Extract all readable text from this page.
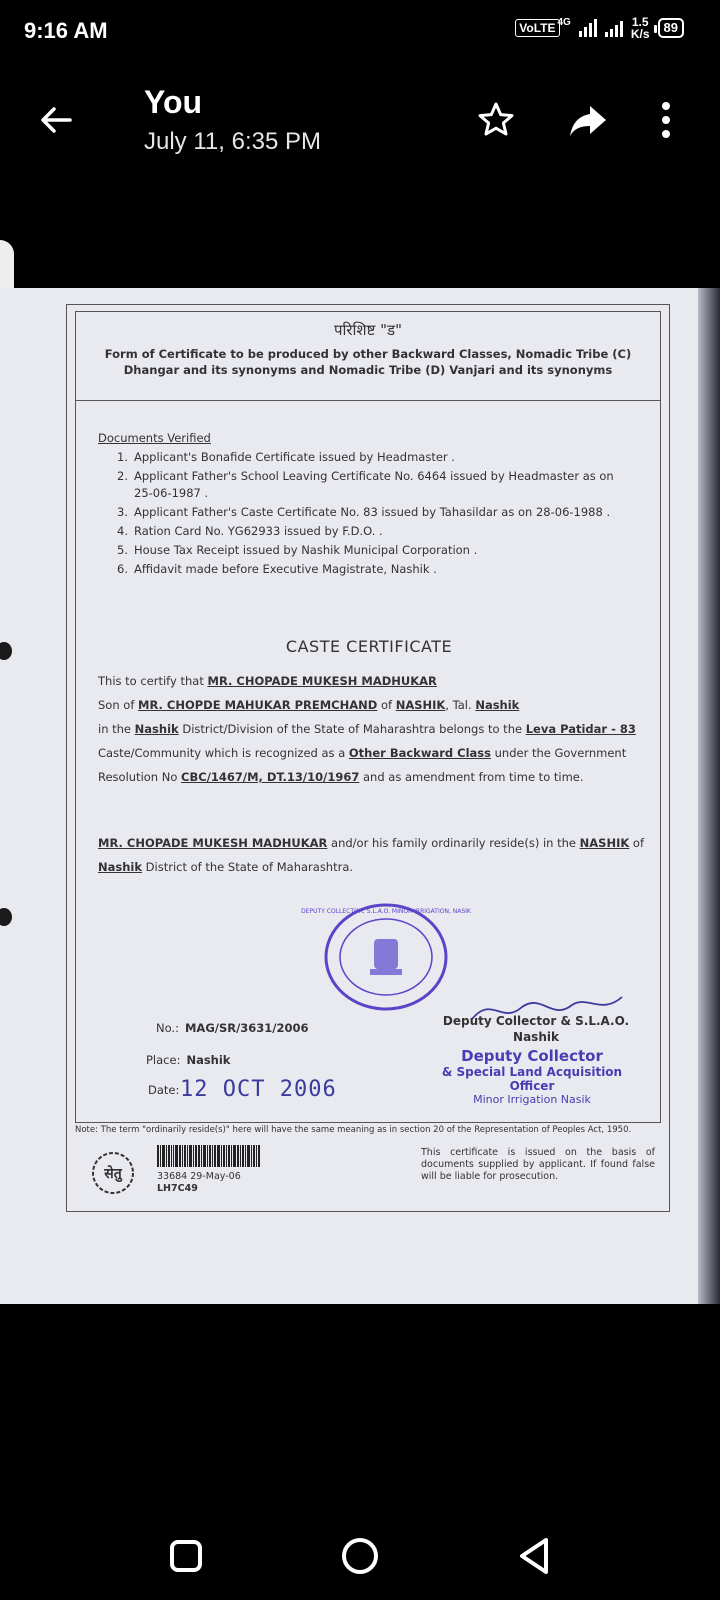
9:16 AM	VoLTE 4G	1.5
K/s	89
You
July 11, 6:35 PM
परिशिष्ट "ड"
Form of Certificate to be produced by other Backward Classes, Nomadic Tribe (C)
Dhangar and its synonyms and Nomadic Tribe (D) Vanjari and its synonyms
Documents Verified
1. Applicant's Bonafide Certificate issued by Headmaster .
2. Applicant Father's School Leaving Certificate No. 6464 issued by Headmaster as on 25-06-1987 .
3. Applicant Father's Caste Certificate No. 83 issued by Tahasildar as on 28-06-1988 .
4. Ration Card No. YG62933 issued by F.D.O. .
5. House Tax Receipt issued by Nashik Municipal Corporation .
6. Affidavit made before Executive Magistrate, Nashik .
CASTE CERTIFICATE
This to certify that MR. CHOPADE MUKESH MADHUKAR
Son of MR. CHOPDE MAHUKAR PREMCHAND of NASHIK, Tal. Nashik
in the Nashik District/Division of the State of Maharashtra belongs to the Leva Patidar - 83 Caste/Community which is recognized as a Other Backward Class under the Government Resolution No CBC/1467/M, DT.13/10/1967 and as amendment from time to time.
MR. CHOPADE MUKESH MADHUKAR and/or his family ordinarily reside(s) in the NASHIK of Nashik District of the State of Maharashtra.
DEPUTY COLLECTOR, S.L.A.O. MINOR IRRIGATION, NASIK
No.: MAG/SR/3631/2006
Place: Nashik
Date: 12 OCT 2006
Deputy Collector & S.L.A.O.
Nashik
Deputy Collector
& Special Land Acquisition Officer
Minor Irrigation Nasik
Note: The term "ordinarily reside(s)" here will have the same meaning as in section 20 of the Representation of Peoples Act, 1950.
सेतु	33684 29-May-06
LH7C49
This certificate is issued on the basis of documents supplied by applicant. If found false will be liable for prosecution.
